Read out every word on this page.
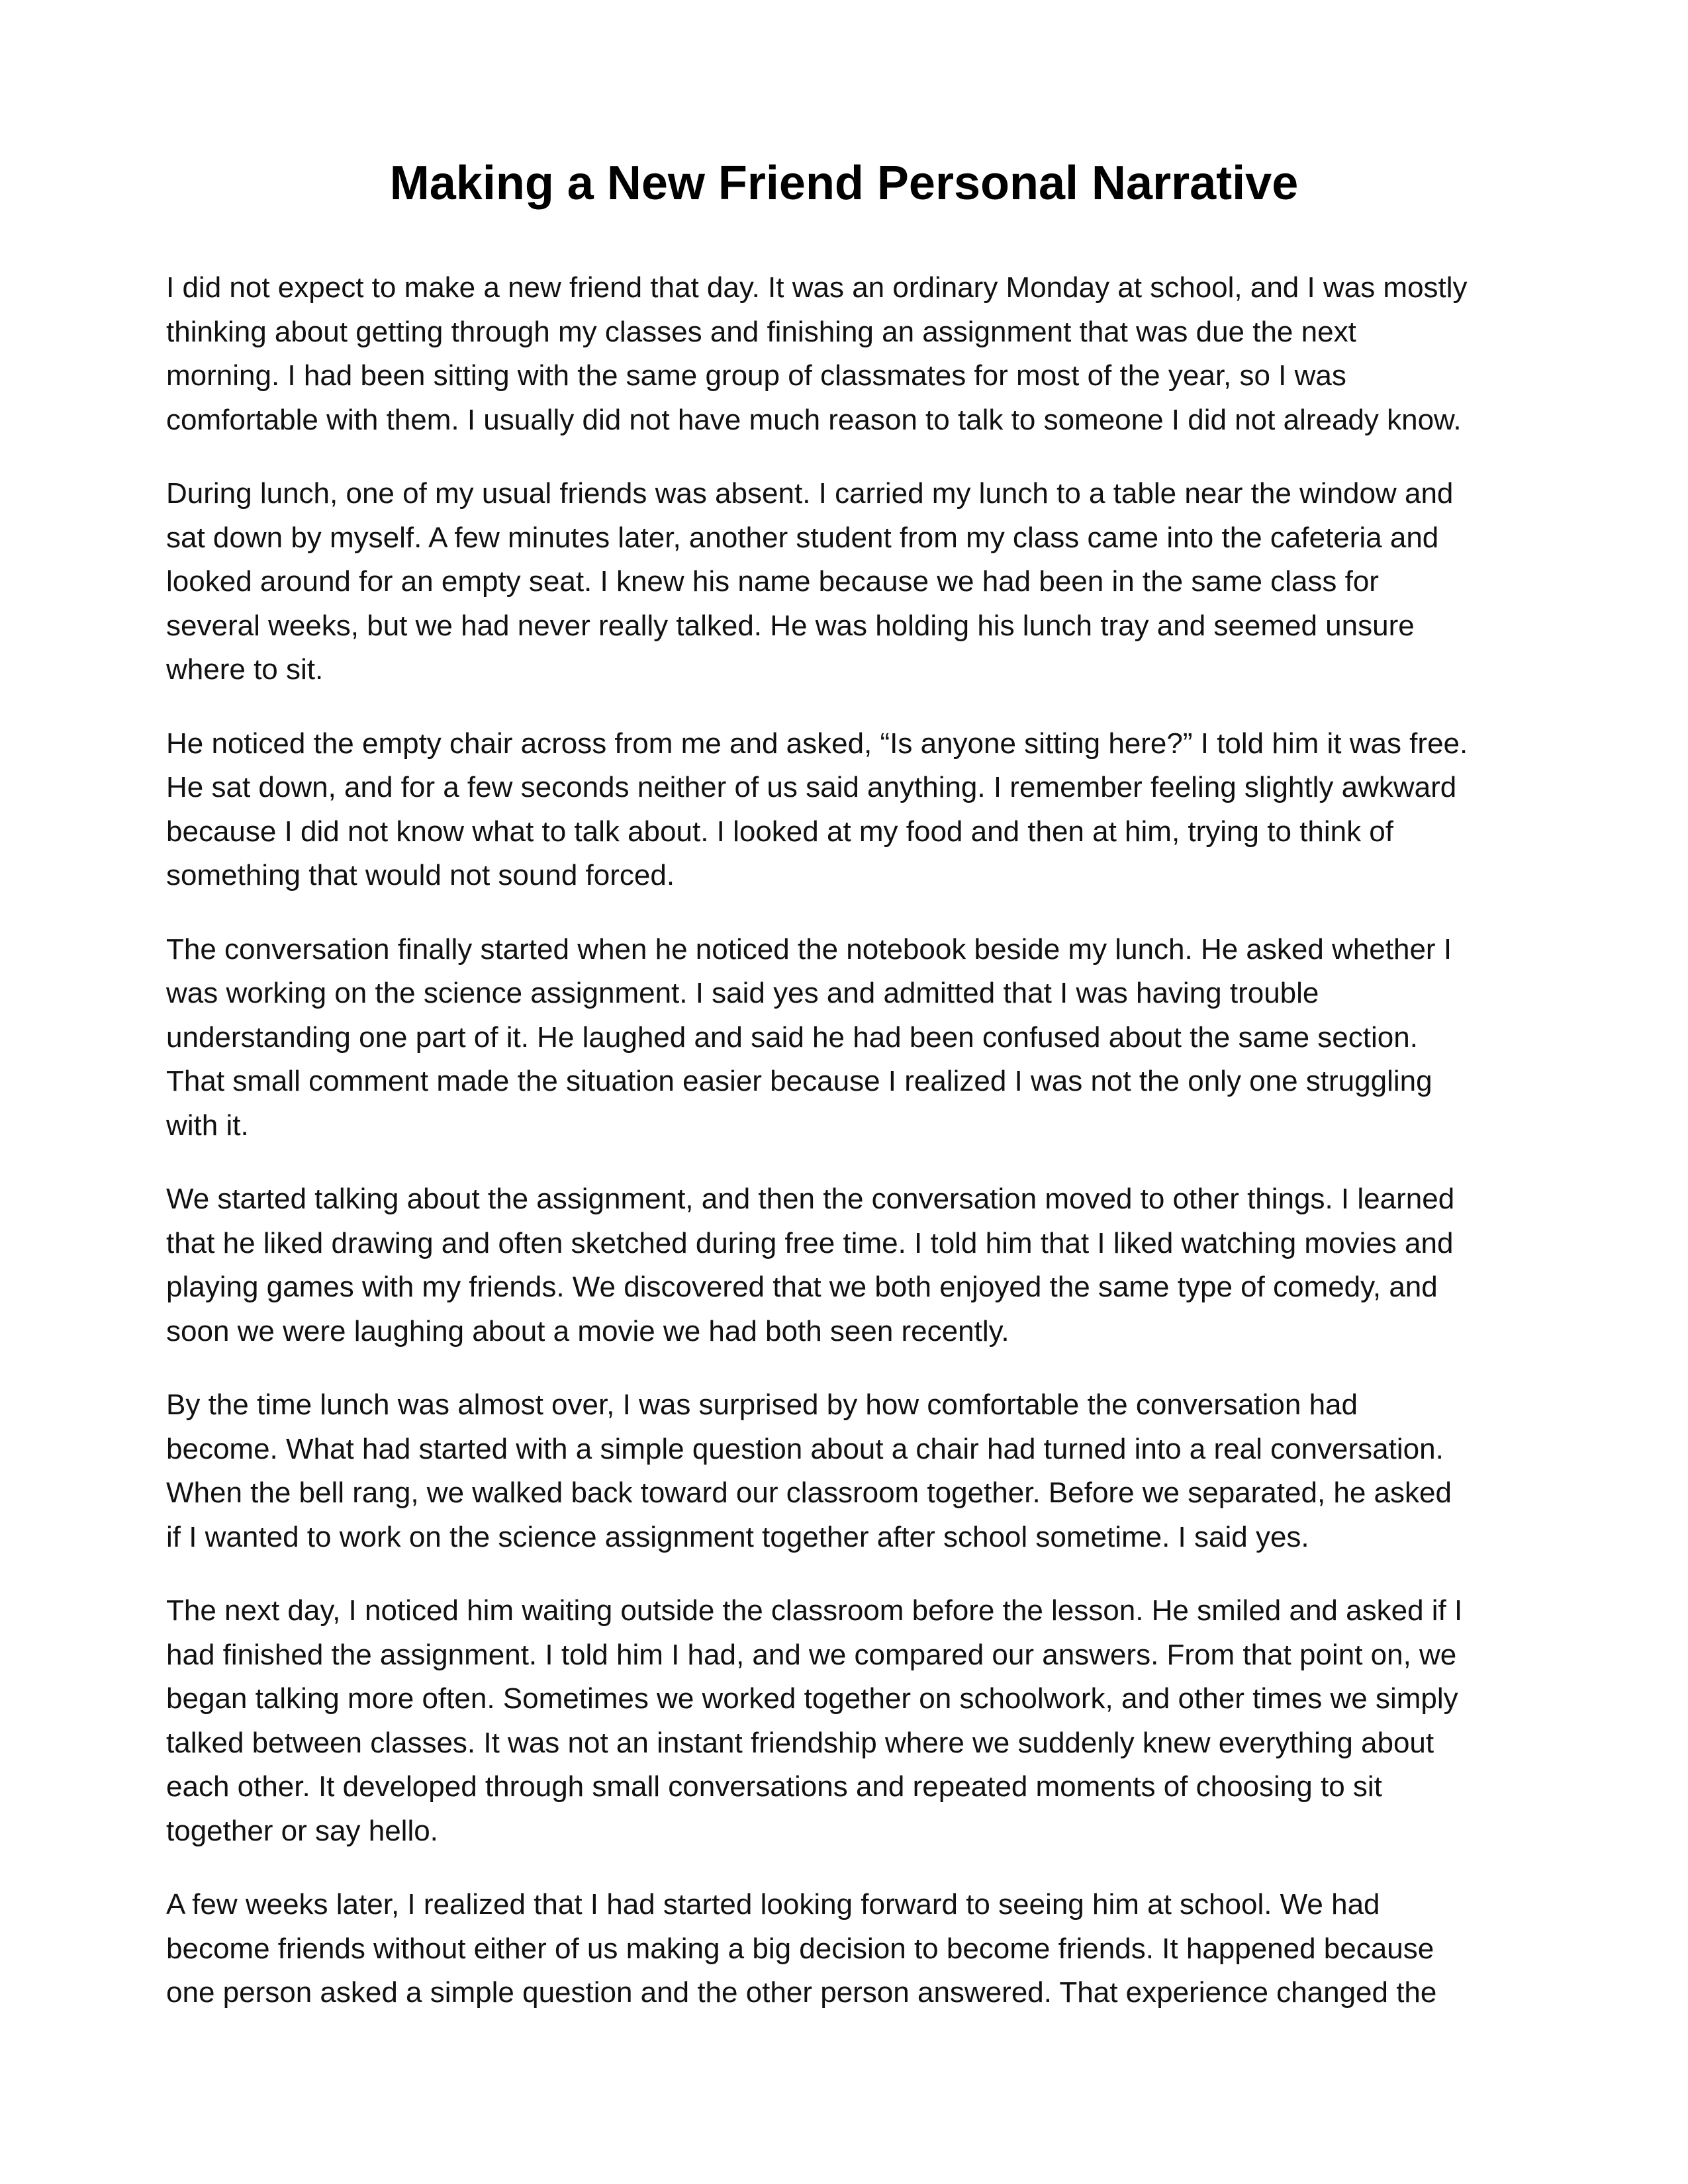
Making a New Friend Personal Narrative

I did not expect to make a new friend that day. It was an ordinary Monday at school, and I was mostly
thinking about getting through my classes and finishing an assignment that was due the next
morning. I had been sitting with the same group of classmates for most of the year, so I was
comfortable with them. I usually did not have much reason to talk to someone I did not already know.

During lunch, one of my usual friends was absent. I carried my lunch to a table near the window and
sat down by myself. A few minutes later, another student from my class came into the cafeteria and
looked around for an empty seat. I knew his name because we had been in the same class for
several weeks, but we had never really talked. He was holding his lunch tray and seemed unsure
where to sit.

He noticed the empty chair across from me and asked, “Is anyone sitting here?” I told him it was free.
He sat down, and for a few seconds neither of us said anything. I remember feeling slightly awkward
because I did not know what to talk about. I looked at my food and then at him, trying to think of
something that would not sound forced.

The conversation finally started when he noticed the notebook beside my lunch. He asked whether I
was working on the science assignment. I said yes and admitted that I was having trouble
understanding one part of it. He laughed and said he had been confused about the same section.
That small comment made the situation easier because I realized I was not the only one struggling
with it.

We started talking about the assignment, and then the conversation moved to other things. I learned
that he liked drawing and often sketched during free time. I told him that I liked watching movies and
playing games with my friends. We discovered that we both enjoyed the same type of comedy, and
soon we were laughing about a movie we had both seen recently.

By the time lunch was almost over, I was surprised by how comfortable the conversation had
become. What had started with a simple question about a chair had turned into a real conversation.
When the bell rang, we walked back toward our classroom together. Before we separated, he asked
if I wanted to work on the science assignment together after school sometime. I said yes.

The next day, I noticed him waiting outside the classroom before the lesson. He smiled and asked if I
had finished the assignment. I told him I had, and we compared our answers. From that point on, we
began talking more often. Sometimes we worked together on schoolwork, and other times we simply
talked between classes. It was not an instant friendship where we suddenly knew everything about
each other. It developed through small conversations and repeated moments of choosing to sit
together or say hello.

A few weeks later, I realized that I had started looking forward to seeing him at school. We had
become friends without either of us making a big decision to become friends. It happened because
one person asked a simple question and the other person answered. That experience changed the
